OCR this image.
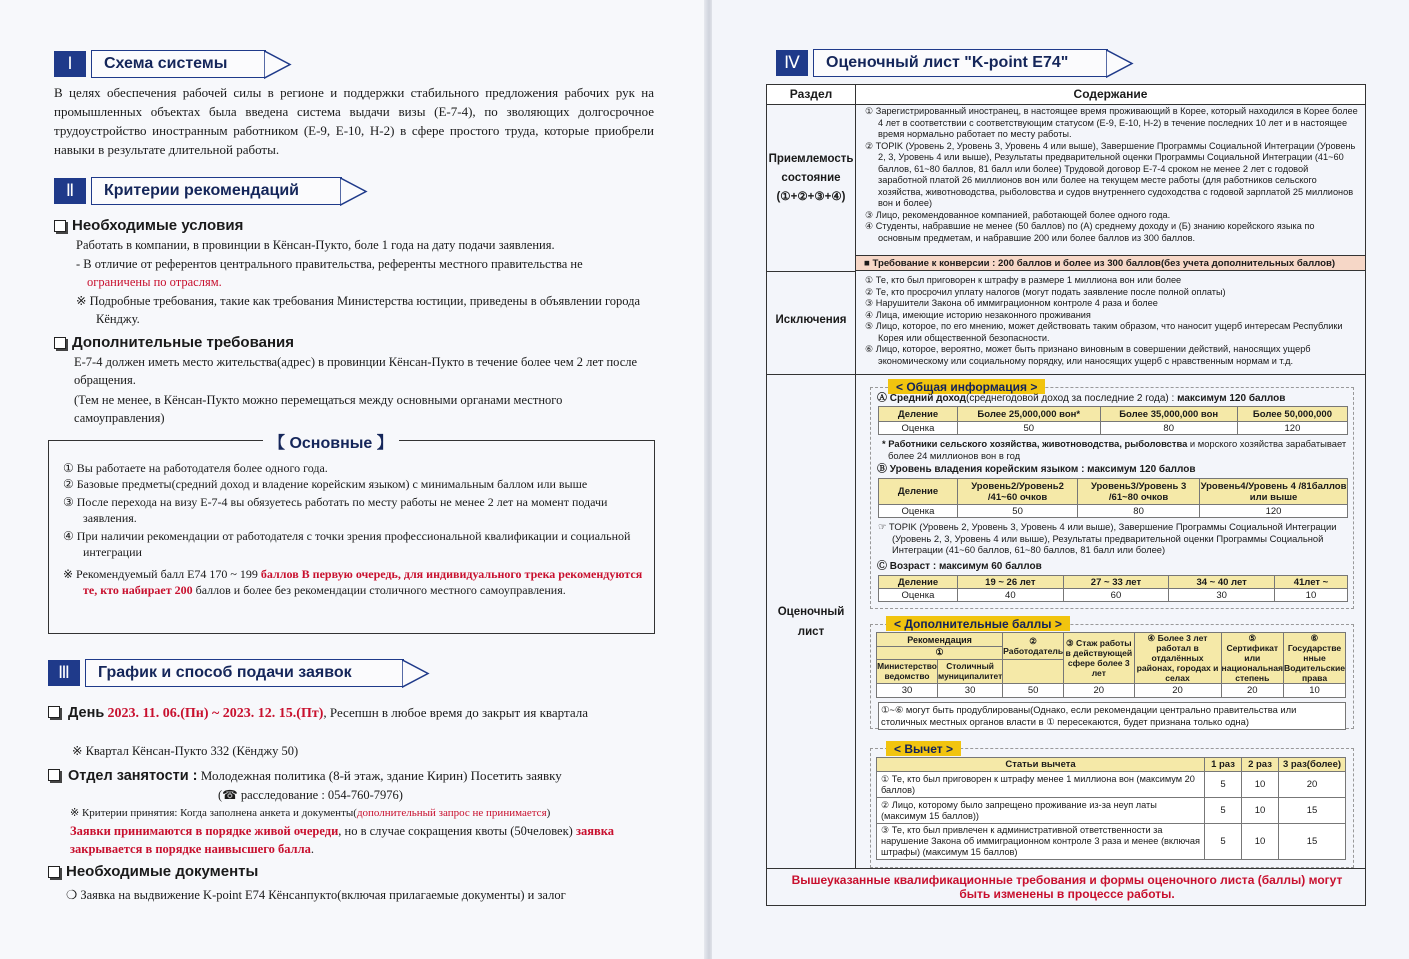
Ⅰ	Схема системы
В целях обеспечения рабочей силы в регионе и поддержки стабильного предложения рабочих рук на промышленных объектах была введена система выдачи визы (E-7-4), по зволяющих долгосрочное трудоустройство иностранным работником (E-9, E-10, H-2) в сфере простого труда, которые приобрели навыки в результате длительной работы.
Ⅱ	Критерии рекомендаций
Необходимые условия
Работать в компании, в провинции в Кёнсан-Пукто, боле 1 года на дату подачи заявления.
- В отличие от референтов центрального правительства, референты местного правительства не
ограничены по отраслям.
※ Подробные требования, такие как требования Министерства юстиции, приведены в объявлении города Кёнджу.
Дополнительные требования
E-7-4 должен иметь место жительства(адрес) в провинции Кёнсан-Пукто в течение более чем 2 лет после обращения.
(Тем не менее, в Кёнсан-Пукто можно перемещаться между основными органами местного самоуправления)
【 Основные 】
① Вы работаете на работодателя более одного года.
② Базовые предметы(средний доход и владение корейским языком) с минимальным баллом или выше
③ После перехода на визу E-7-4 вы обязуетесь работать по месту работы не менее 2 лет на момент подачи заявления.
④ При наличии рекомендации от работодателя с точки зрения профессиональной квалификации и социальной интеграции
※ Рекомендуемый балл E74 170 ~ 199 баллов В первую очередь, для индивидуального трека рекомендуются те, кто набирает 200 баллов и более без рекомендации столичного местного самоуправления.
Ⅲ	График и способ подачи заявок
День 2023. 11. 06.(Пн) ~ 2023. 12. 15.(Пт), Ресепшн в любое время до закрыт ия квартала
※ Квартал Кёнсан-Пукто 332 (Кёнджу 50)
Отдел занятости : Молодежная политика (8-й этаж, здание Кирин) Посетить заявку
(☎ расследование : 054-760-7976)
※ Критерии принятия: Когда заполнена анкета и документы(дополнительный запрос не принимается)
Заявки принимаются в порядке живой очереди, но в случае сокращения квоты (50человек) заявка закрывается в порядке наивысшего балла.
Необходимые документы
❍ Заявка на выдвижение K-point E74 Кёнсанпукто(включая прилагаемые документы) и залог
Ⅳ	Оценочный лист "K-point E74"
Раздел	Содержание
Приемлемость состояние (①+②+③+④)
① Зарегистрированный иностранец, в настоящее время проживающий в Корее, который находился в Корее более 4 лет в соответствии с соответствующим статусом (E-9, E-10, H-2) в течение последних 10 лет и в настоящее время нормально работает по месту работы.
② TOPIK (Уровень 2, Уровень 3, Уровень 4 или выше), Завершение Программы Социальной Интеграции (Уровень 2, 3, Уровень 4 или выше), Результаты предварительной оценки Программы Социальной Интеграции (41~60 баллов, 61~80 баллов, 81 балл или более) Трудовой договор E-7-4 сроком не менее 2 лет с годовой заработной платой 26 миллионов вон или более на текущем месте работы (для работников сельского хозяйства, животноводства, рыболовства и судов внутреннего судоходства с годовой зарплатой 25 миллионов вон и более)
③ Лицо, рекомендованное компанией, работающей более одного года.
④ Студенты, набравшие не менее (50 баллов) по (А) среднему доходу и (Б) знанию корейского языка по основным предметам, и набравшие 200 или более баллов из 300 баллов.
■ Требование к конверсии : 200 баллов и более из 300 баллов(без учета дополнительных баллов)
Исключения
① Те, кто был приговорен к штрафу в размере 1 миллиона вон или более
② Те, кто просрочил уплату налогов (могут подать заявление после полной оплаты)
③ Нарушители Закона об иммиграционном контроле 4 раза и более
④ Лица, имеющие историю незаконного проживания
⑤ Лицо, которое, по его мнению, может действовать таким образом, что наносит ущерб интересам Республики Корея или общественной безопасности.
⑥ Лицо, которое, вероятно, может быть признано виновным в совершении действий, наносящих ущерб экономическому или социальному порядку, или наносящих ущерб с нравственным нормам и т.д.
Оценочный лист
< Общая информация >
Ⓐ Средний доход(среднегодовой доход за последние 2 года) : максимум 120 баллов
Деление	Более 25,000,000 вон*	Более 35,000,000 вон	Более 50,000,000
Оценка	50	80	120
* Работники сельского хозяйства, животноводства, рыболовства и морского хозяйства зарабатывает более 24 миллионов вон в год
Ⓑ Уровень владения корейским языком : максимум 120 баллов
Деление	Уровень2/Уровень2 /41~60 очков	Уровень3/Уровень 3 /61~80 очков	Уровень4/Уровень 4 /81баллов или выше
Оценка	50	80	120
☞ TOPIK (Уровень 2, Уровень 3, Уровень 4 или выше), Завершение Программы Социальной Интеграции (Уровень 2, 3, Уровень 4 или выше), Результаты предварительной оценки Программы Социальной Интеграции (41~60 баллов, 61~80 баллов, 81 балл или более)
Ⓒ Возраст : максимум 60 баллов
Деление	19 ~ 26 лет	27 ~ 33 лет	34 ~ 40 лет	41лет ~
Оценка	40	60	30	10
< Дополнительные баллы >
Рекомендация		② Работодатель	③ Стаж работы в действующей сфере более 3 лет	④ Более 3 лет работал в отдалённых районах, городах и селах	⑤ Сертификат или национальная степень	⑥ Государстве нные Водительские права
①						
Министерство ведомство	Столичный муниципалитет					
30	30	50	20	20	20	10
①~⑥ могут быть продублированы(Однако, если рекомендации центрально правительства или столичных местных органов власти в ① пересекаются, будет признана только одна)
< Вычет >
Статьи вычета	1 раз	2 раз	3 раз(более)
① Те, кто был приговорен к штрафу менее 1 миллиона вон (максимум 20 баллов)	5	10	20
② Лицо, которому было запрещено проживание из-за неуп латы (максимум 15 баллов))	5	10	15
③ Те, кто был привлечен к административной ответственности за нарушение Закона об иммиграционном контроле 3 раза и менее (включая штрафы) (максимум 15 баллов)	5	10	15
Вышеуказанные квалификационные требования и формы оценочного листа (баллы) могут быть изменены в процессе работы.
